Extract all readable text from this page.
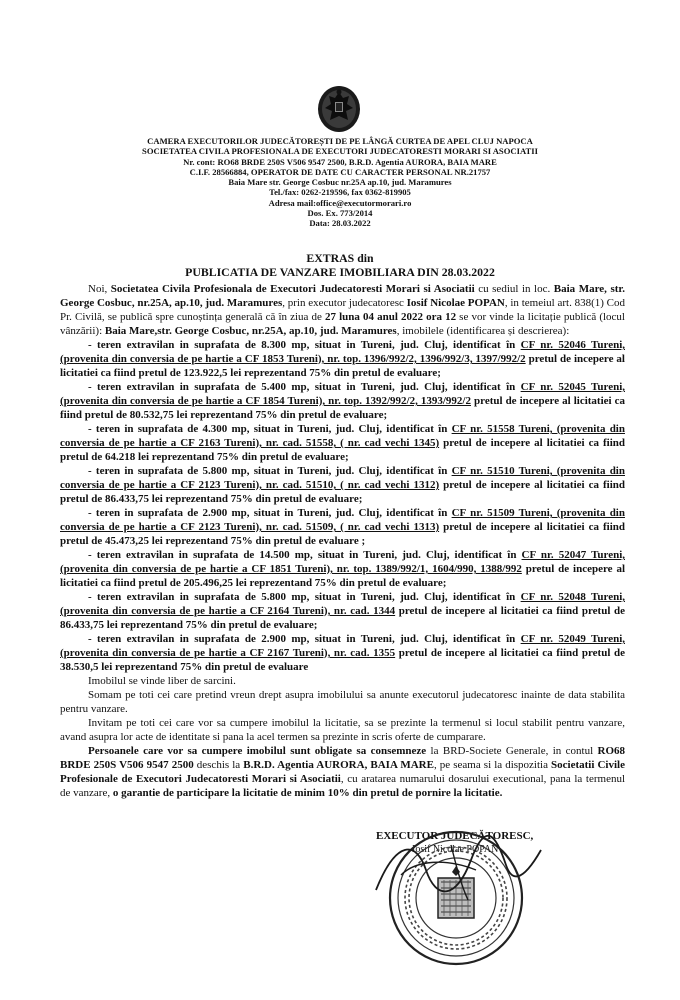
CAMERA EXECUTORILOR JUDECĂTOREȘTI DE PE LÂNGĂ CURTEA DE APEL CLUJ NAPOCA
SOCIETATEA CIVILA PROFESIONALA DE EXECUTORI JUDECATORESTI MORARI SI ASOCIATII
Nr. cont: RO68 BRDE 250S V506 9547 2500, B.R.D. Agentia AURORA, BAIA MARE
C.I.F. 28566884, OPERATOR DE DATE CU CARACTER PERSONAL NR.21757
Baia Mare str. George Cosbuc nr.25A ap.10, jud. Maramures
Tel./fax: 0262-219596, fax 0362-819905
Adresa mail:office@executormorari.ro
Dos. Ex. 773/2014
Data: 28.03.2022
EXTRAS din
PUBLICATIA DE VANZARE IMOBILIARA DIN 28.03.2022

Noi, Societatea Civila Profesionala de Executori Judecatoresti Morari si Asociatii cu sediul in loc. Baia Mare, str. George Cosbuc, nr.25A, ap.10, jud. Maramures, prin executor judecatoresc Iosif Nicolae POPAN, in temeiul art. 838(1) Cod Pr. Civilă, se publică spre cunoștința generală că în ziua de 27 luna 04 anul 2022 ora 12 se vor vinde la licitație publică (locul vânzării): Baia Mare,str. George Cosbuc, nr.25A, ap.10, jud. Maramures, imobilele (identificarea și descrierea):

- teren extravilan in suprafata de 8.300 mp, situat in Tureni, jud. Cluj, identificat în CF nr. 52046 Tureni, (provenita din conversia de pe hartie a CF 1853 Tureni), nr. top. 1396/992/2, 1396/992/3, 1397/992/2 pretul de incepere al licitatiei ca fiind pretul de 123.922,5 lei reprezentand 75% din pretul de evaluare;

- teren extravilan in suprafata de 5.400 mp, situat in Tureni, jud. Cluj, identificat în CF nr. 52045 Tureni, (provenita din conversia de pe hartie a CF 1854 Tureni), nr. top. 1392/992/2, 1393/992/2 pretul de incepere al licitatiei ca fiind pretul de 80.532,75 lei reprezentand 75% din pretul de evaluare;

- teren in suprafata de 4.300 mp, situat in Tureni, jud. Cluj, identificat în CF nr. 51558 Tureni, (provenita din conversia de pe hartie a CF 2163 Tureni), nr. cad. 51558, ( nr. cad vechi 1345) pretul de incepere al licitatiei ca fiind pretul de 64.218 lei reprezentand 75% din pretul de evaluare;

- teren in suprafata de 5.800 mp, situat in Tureni, jud. Cluj, identificat în CF nr. 51510 Tureni, (provenita din conversia de pe hartie a CF 2123 Tureni), nr. cad. 51510, ( nr. cad vechi 1312) pretul de incepere al licitatiei ca fiind pretul de 86.433,75 lei reprezentand 75% din pretul de evaluare;

- teren in suprafata de 2.900 mp, situat in Tureni, jud. Cluj, identificat în CF nr. 51509 Tureni, (provenita din conversia de pe hartie a CF 2123 Tureni), nr. cad. 51509, ( nr. cad vechi 1313) pretul de incepere al licitatiei ca fiind pretul de 45.473,25 lei reprezentand 75% din pretul de evaluare ;

- teren extravilan in suprafata de 14.500 mp, situat in Tureni, jud. Cluj, identificat în CF nr. 52047 Tureni, (provenita din conversia de pe hartie a CF 1851 Tureni), nr. top. 1389/992/1, 1604/990, 1388/992 pretul de incepere al licitatiei ca fiind pretul de 205.496,25 lei reprezentand 75% din pretul de evaluare;

- teren extravilan in suprafata de 5.800 mp, situat in Tureni, jud. Cluj, identificat în CF nr. 52048 Tureni, (provenita din conversia de pe hartie a CF 2164 Tureni), nr. cad. 1344 pretul de incepere al licitatiei ca fiind pretul de 86.433,75 lei reprezentand 75% din pretul de evaluare;

- teren extravilan in suprafata de 2.900 mp, situat in Tureni, jud. Cluj, identificat în CF nr. 52049 Tureni, (provenita din conversia de pe hartie a CF 2167 Tureni), nr. cad. 1355 pretul de incepere al licitatiei ca fiind pretul de 38.530,5 lei reprezentand 75% din pretul de evaluare

Imobilul se vinde liber de sarcini.

Somam pe toti cei care pretind vreun drept asupra imobilului sa anunte executorul judecatoresc inainte de data stabilita pentru vanzare.

Invitam pe toti cei care vor sa cumpere imobilul la licitatie, sa se prezinte la termenul si locul stabilit pentru vanzare, avand asupra lor acte de identitate si pana la acel termen sa prezinte in scris oferte de cumparare.

Persoanele care vor sa cumpere imobilul sunt obligate sa consemneze la BRD-Societe Generale, in contul RO68 BRDE 250S V506 9547 2500 deschis la B.R.D. Agentia AURORA, BAIA MARE, pe seama si la dispozitia Societatii Civile Profesionale de Executori Judecatoresti Morari si Asociatii, cu aratarea numarului dosarului executional, pana la termenul de vanzare, o garantie de participare la licitatie de minim 10% din pretul de pornire la licitatie.

EXECUTOR JUDECĂTORESC,
Iosif Nicolae POPAN
